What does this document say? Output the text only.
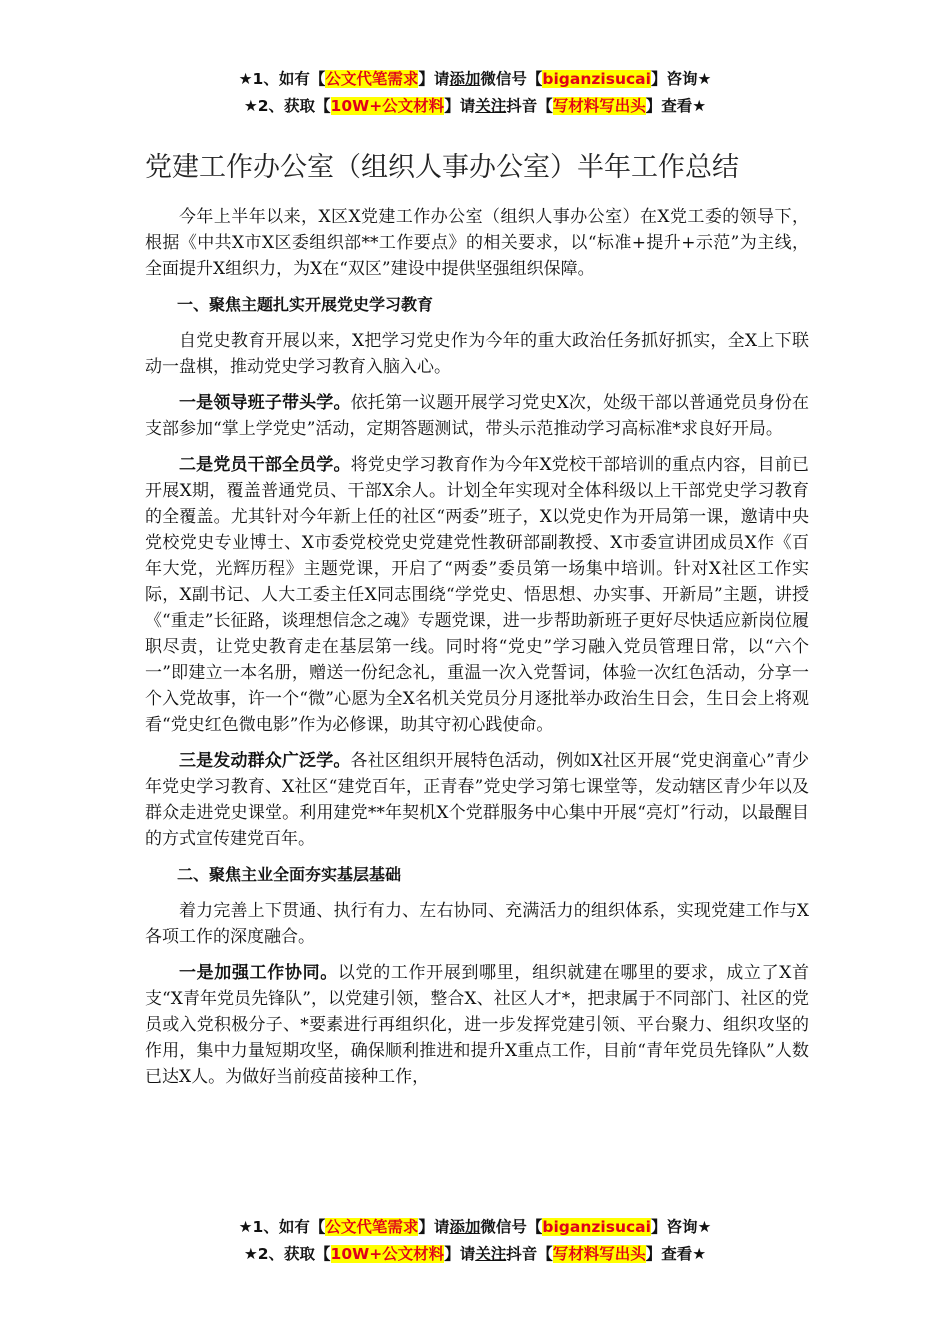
★1、如有【公文代笔需求】请添加微信号【biganzisucai】咨询★
★2、获取【10W+公文材料】请关注抖音【写材料写出头】查看★
党建工作办公室（组织人事办公室）半年工作总结

今年上半年以来，X区X党建工作办公室（组织人事办公室）在X党工委的领导下，根据《中共X市X区委组织部**工作要点》的相关要求，以“标准+提升+示范”为主线，全面提升X组织力，为X在“双区”建设中提供坚强组织保障。

一、聚焦主题扎实开展党史学习教育

自党史教育开展以来，X把学习党史作为今年的重大政治任务抓好抓实，全X上下联动一盘棋，推动党史学习教育入脑入心。

一是领导班子带头学。依托第一议题开展学习党史X次，处级干部以普通党员身份在支部参加“掌上学党史”活动，定期答题测试，带头示范推动学习高标准*求良好开局。

二是党员干部全员学。将党史学习教育作为今年X党校干部培训的重点内容，目前已开展X期，覆盖普通党员、干部X余人。计划全年实现对全体科级以上干部党史学习教育的全覆盖。尤其针对今年新上任的社区“两委”班子，X以党史作为开局第一课，邀请中央党校党史专业博士、X市委党校党史党建党性教研部副教授、X市委宣讲团成员X作《百年大党，光辉历程》主题党课，开启了“两委”委员第一场集中培训。针对X社区工作实际，X副书记、人大工委主任X同志围绕“学党史、悟思想、办实事、开新局”主题，讲授《“重走”长征路，谈理想信念之魂》专题党课，进一步帮助新班子更好尽快适应新岗位履职尽责，让党史教育走在基层第一线。同时将“党史”学习融入党员管理日常，以“六个一”即建立一本名册，赠送一份纪念礼，重温一次入党誓词，体验一次红色活动，分享一个入党故事，许一个“微”心愿为全X名机关党员分月逐批举办政治生日会，生日会上将观看“党史红色微电影”作为必修课，助其守初心践使命。

三是发动群众广泛学。各社区组织开展特色活动，例如X社区开展“党史润童心”青少年党史学习教育、X社区“建党百年，正青春”党史学习第七课堂等，发动辖区青少年以及群众走进党史课堂。利用建党**年契机X个党群服务中心集中开展“亮灯”行动，以最醒目的方式宣传建党百年。

二、聚焦主业全面夯实基层基础

着力完善上下贯通、执行有力、左右协同、充满活力的组织体系，实现党建工作与X各项工作的深度融合。

一是加强工作协同。以党的工作开展到哪里，组织就建在哪里的要求，成立了X首支“X青年党员先锋队”，以党建引领，整合X、社区人才*，把隶属于不同部门、社区的党员或入党积极分子、*要素进行再组织化，进一步发挥党建引领、平台聚力、组织攻坚的作用，集中力量短期攻坚，确保顺利推进和提升X重点工作，目前“青年党员先锋队”人数已达X人。为做好当前疫苗接种工作，

★1、如有【公文代笔需求】请添加微信号【biganzisucai】咨询★
★2、获取【10W+公文材料】请关注抖音【写材料写出头】查看★
